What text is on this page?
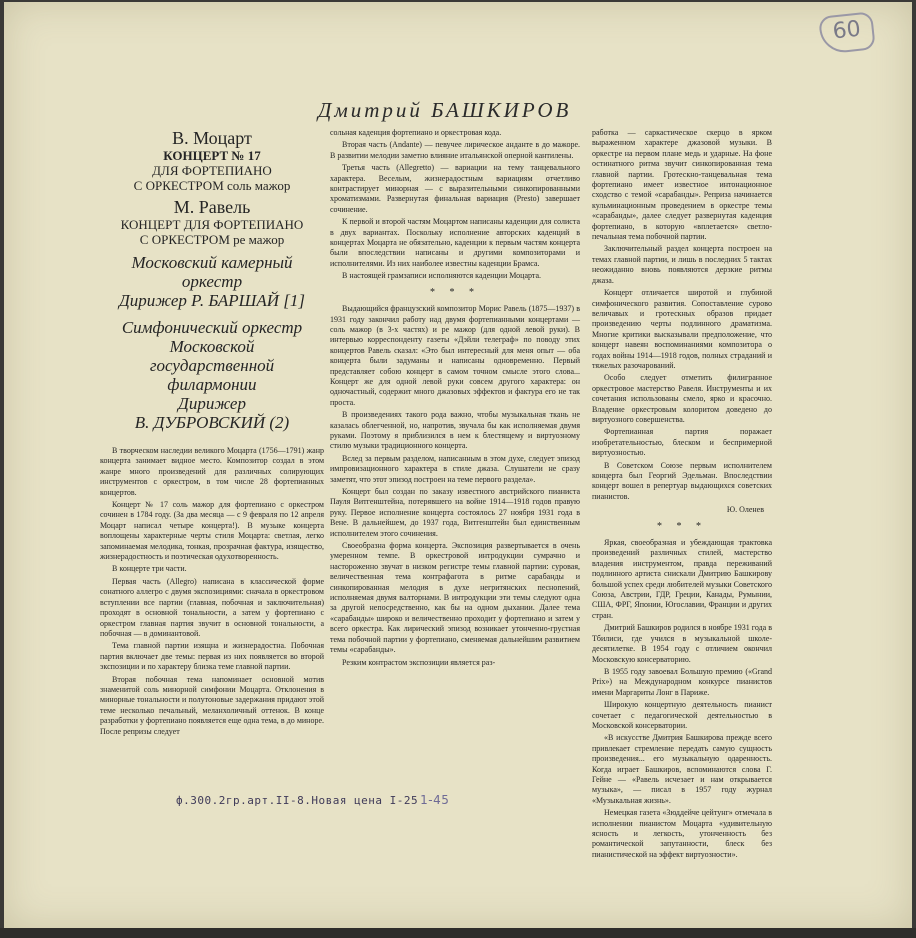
60
Дмитрий БАШКИРОВ
В. Моцарт
КОНЦЕРТ № 17
ДЛЯ ФОРТЕПИАНО
С ОРКЕСТРОМ соль мажор
М. Равель
КОНЦЕРТ ДЛЯ ФОРТЕПИАНО
С ОРКЕСТРОМ ре мажор
Московский камерный
оркестр
Дирижер Р. БАРШАЙ [1]
Симфонический оркестр
Московской
государственной
филармонии
Дирижер
В. ДУБРОВСКИЙ (2)

В творческом наследии великого Моцарта (1756—1791) жанр концерта занимает видное место. Композитор создал в этом жанре много произведений для различных солирующих инструментов с оркестром, в том числе 28 фортепианных концертов.

Концерт № 17 соль мажор для фортепиано с оркестром сочинен в 1784 году. (За два месяца — с 9 февраля по 12 апреля Моцарт написал четыре концерта!). В музыке концерта воплощены характерные черты стиля Моцарта: светлая, легко запоминаемая мелодика, тонкая, прозрачная фактура, изящество, жизнерадостность и поэтическая одухотворенность.

В концерте три части.

Первая часть (Allegro) написана в классической форме сонатного аллегро с двумя экспозициями: сначала в оркестровом вступлении все партии (главная, побочная и заключительная) проходят в основной тональности, а затем у фортепиано с оркестром главная партия звучит в основной тональности, а побочная — в доминантовой.

Тема главной партии изящна и жизнерадостна. Побочная партия включает две темы: первая из них появляется во второй экспозиции и по характеру близка теме главной партии.

Вторая побочная тема напоминает основной мотив знаменитой соль минорной симфонии Моцарта. Отклонения в минорные тональности и полутоновые задержания придают этой теме несколько печальный, меланхоличный оттенок. В конце разработки у фортепиано появляется еще одна тема, в до миноре. После репризы следует

сольная каденция фортепиано и оркестровая кода.

Вторая часть (Andante) — певучее лирическое анданте в до мажоре. В развитии мелодии заметно влияние итальянской оперной кантилены.

Третья часть (Allegretto) — вариации на тему танцевального характера. Веселым, жизнерадостным вариациям отчетливо контрастирует минорная — с выразительными синкопированными хроматизмами. Развернутая финальная вариация (Presto) завершает сочинение.

К первой и второй частям Моцартом написаны каденции для солиста в двух вариантах. Поскольку исполнение авторских каденций в концертах Моцарта не обязательно, каденции к первым частям концерта были впоследствии написаны и другими композиторами и исполнителями. Из них наиболее известны каденции Брамса.

В настоящей грамзаписи исполняются каденции Моцарта.

* * *

Выдающийся французский композитор Морис Равель (1875—1937) в 1931 году закончил работу над двумя фортепианными концертами — соль мажор (в 3-х частях) и ре мажор (для одной левой руки). В интервью корреспонденту газеты «Дэйли телеграф» по поводу этих концертов Равель сказал: «Это был интересный для меня опыт — оба концерта были задуманы и написаны одновременно. Первый представляет собою концерт в самом точном смысле этого слова... Концерт же для одной левой руки совсем другого характера: он одночастный, содержит много джазовых эффектов и фактура его не так проста.

В произведениях такого рода важно, чтобы музыкальная ткань не казалась облегченной, но, напротив, звучала бы как исполняемая двумя руками. Поэтому я приблизился в нем к блестящему и виртуозному стилю музыки традиционного концерта.

Вслед за первым разделом, написанным в этом духе, следует эпизод импровизационного характера в стиле джаза. Слушатели не сразу заметят, что этот эпизод построен на теме первого раздела».

Концерт был создан по заказу известного австрийского пианиста Пауля Витгенштейна, потерявшего на войне 1914—1918 годов правую руку. Первое исполнение концерта состоялось 27 ноября 1931 года в Вене. В дальнейшем, до 1937 года, Витгенштейн был единственным исполнителем этого сочинения.

Своеобразна форма концерта. Экспозиция развертывается в очень умеренном темпе. В оркестровой интродукции сумрачно и настороженно звучат в низком регистре темы главной партии: суровая, величественная тема контрафагота в ритме сарабанды и синкопированная мелодия в духе негритянских песнопений, исполняемая двумя валторнами. В интродукции эти темы следуют одна за другой непосредственно, как бы на одном дыхании. Далее тема «сарабанды» широко и величественно проходит у фортепиано и затем у всего оркестра. Как лирический эпизод возникает утонченно-грустная тема побочной партии у фортепиано, сменяемая дальнейшим развитием темы «сарабанды».

Резким контрастом экспозиции является раз-

работка — саркастическое скерцо в ярком выраженном характере джазовой музыки. В оркестре на первом плане медь и ударные. На фоне остинатного ритма звучит синкопированная тема главной партии. Гротескно-танцевальная тема фортепиано имеет известное интонационное сходство с темой «сарабанды». Реприза начинается кульминационным проведением в оркестре темы «сарабанды», далее следует развернутая каденция фортепиано, в которую «вплетается» светло-печальная тема побочной партии.

Заключительный раздел концерта построен на темах главной партии, и лишь в последних 5 тактах неожиданно вновь появляются дерзкие ритмы джаза.

Концерт отличается широтой и глубиной симфонического развития. Сопоставление сурово величавых и гротескных образов придает произведению черты подлинного драматизма. Многие критики высказывали предположение, что концерт навеян воспоминаниями композитора о годах войны 1914—1918 годов, полных страданий и тяжелых разочарований.

Особо следует отметить филигранное оркестровое мастерство Равеля. Инструменты и их сочетания использованы смело, ярко и красочно. Владение оркестровым колоритом доведено до виртуозного совершенства.

Фортепианная партия поражает изобретательностью, блеском и беспримерной виртуозностью.

В Советском Союзе первым исполнителем концерта был Георгий Эдельман. Впоследствии концерт вошел в репертуар выдающихся советских пианистов.

Ю. Оленев
* * *

Яркая, своеобразная и убеждающая трактовка произведений различных стилей, мастерство владения инструментом, правда переживаний подлинного артиста снискали Дмитрию Башкирову большой успех среди любителей музыки Советского Союза, Австрии, ГДР, Греции, Канады, Румынии, США, ФРГ, Японии, Югославии, Франции и других стран.

Дмитрий Башкиров родился в ноябре 1931 года в Тбилиси, где учился в музыкальной школе-десятилетке. В 1954 году с отличием окончил Московскую консерваторию.

В 1955 году завоевал Большую премию («Grand Prix») на Международном конкурсе пианистов имени Маргариты Лонг в Париже.

Широкую концертную деятельность пианист сочетает с педагогической деятельностью в Московской консерватории.

«В искусстве Дмитрия Башкирова прежде всего привлекает стремление передать самую сущность произведения... его музыкальную одаренность. Когда играет Башкиров, вспоминаются слова Г. Гейне — «Равель исчезает и нам открывается музыка», — писал в 1957 году журнал «Музыкальная жизнь».

Немецкая газета «Зюддейче цейтунг» отмечала в исполнении пианистом Моцарта «удивительную ясность и легкость, утонченность без романтической запутанности, блеск без пианистической на эффект виртуозности».

ф.300.2гр.арт.II-8.Новая цена I-25 1-45
